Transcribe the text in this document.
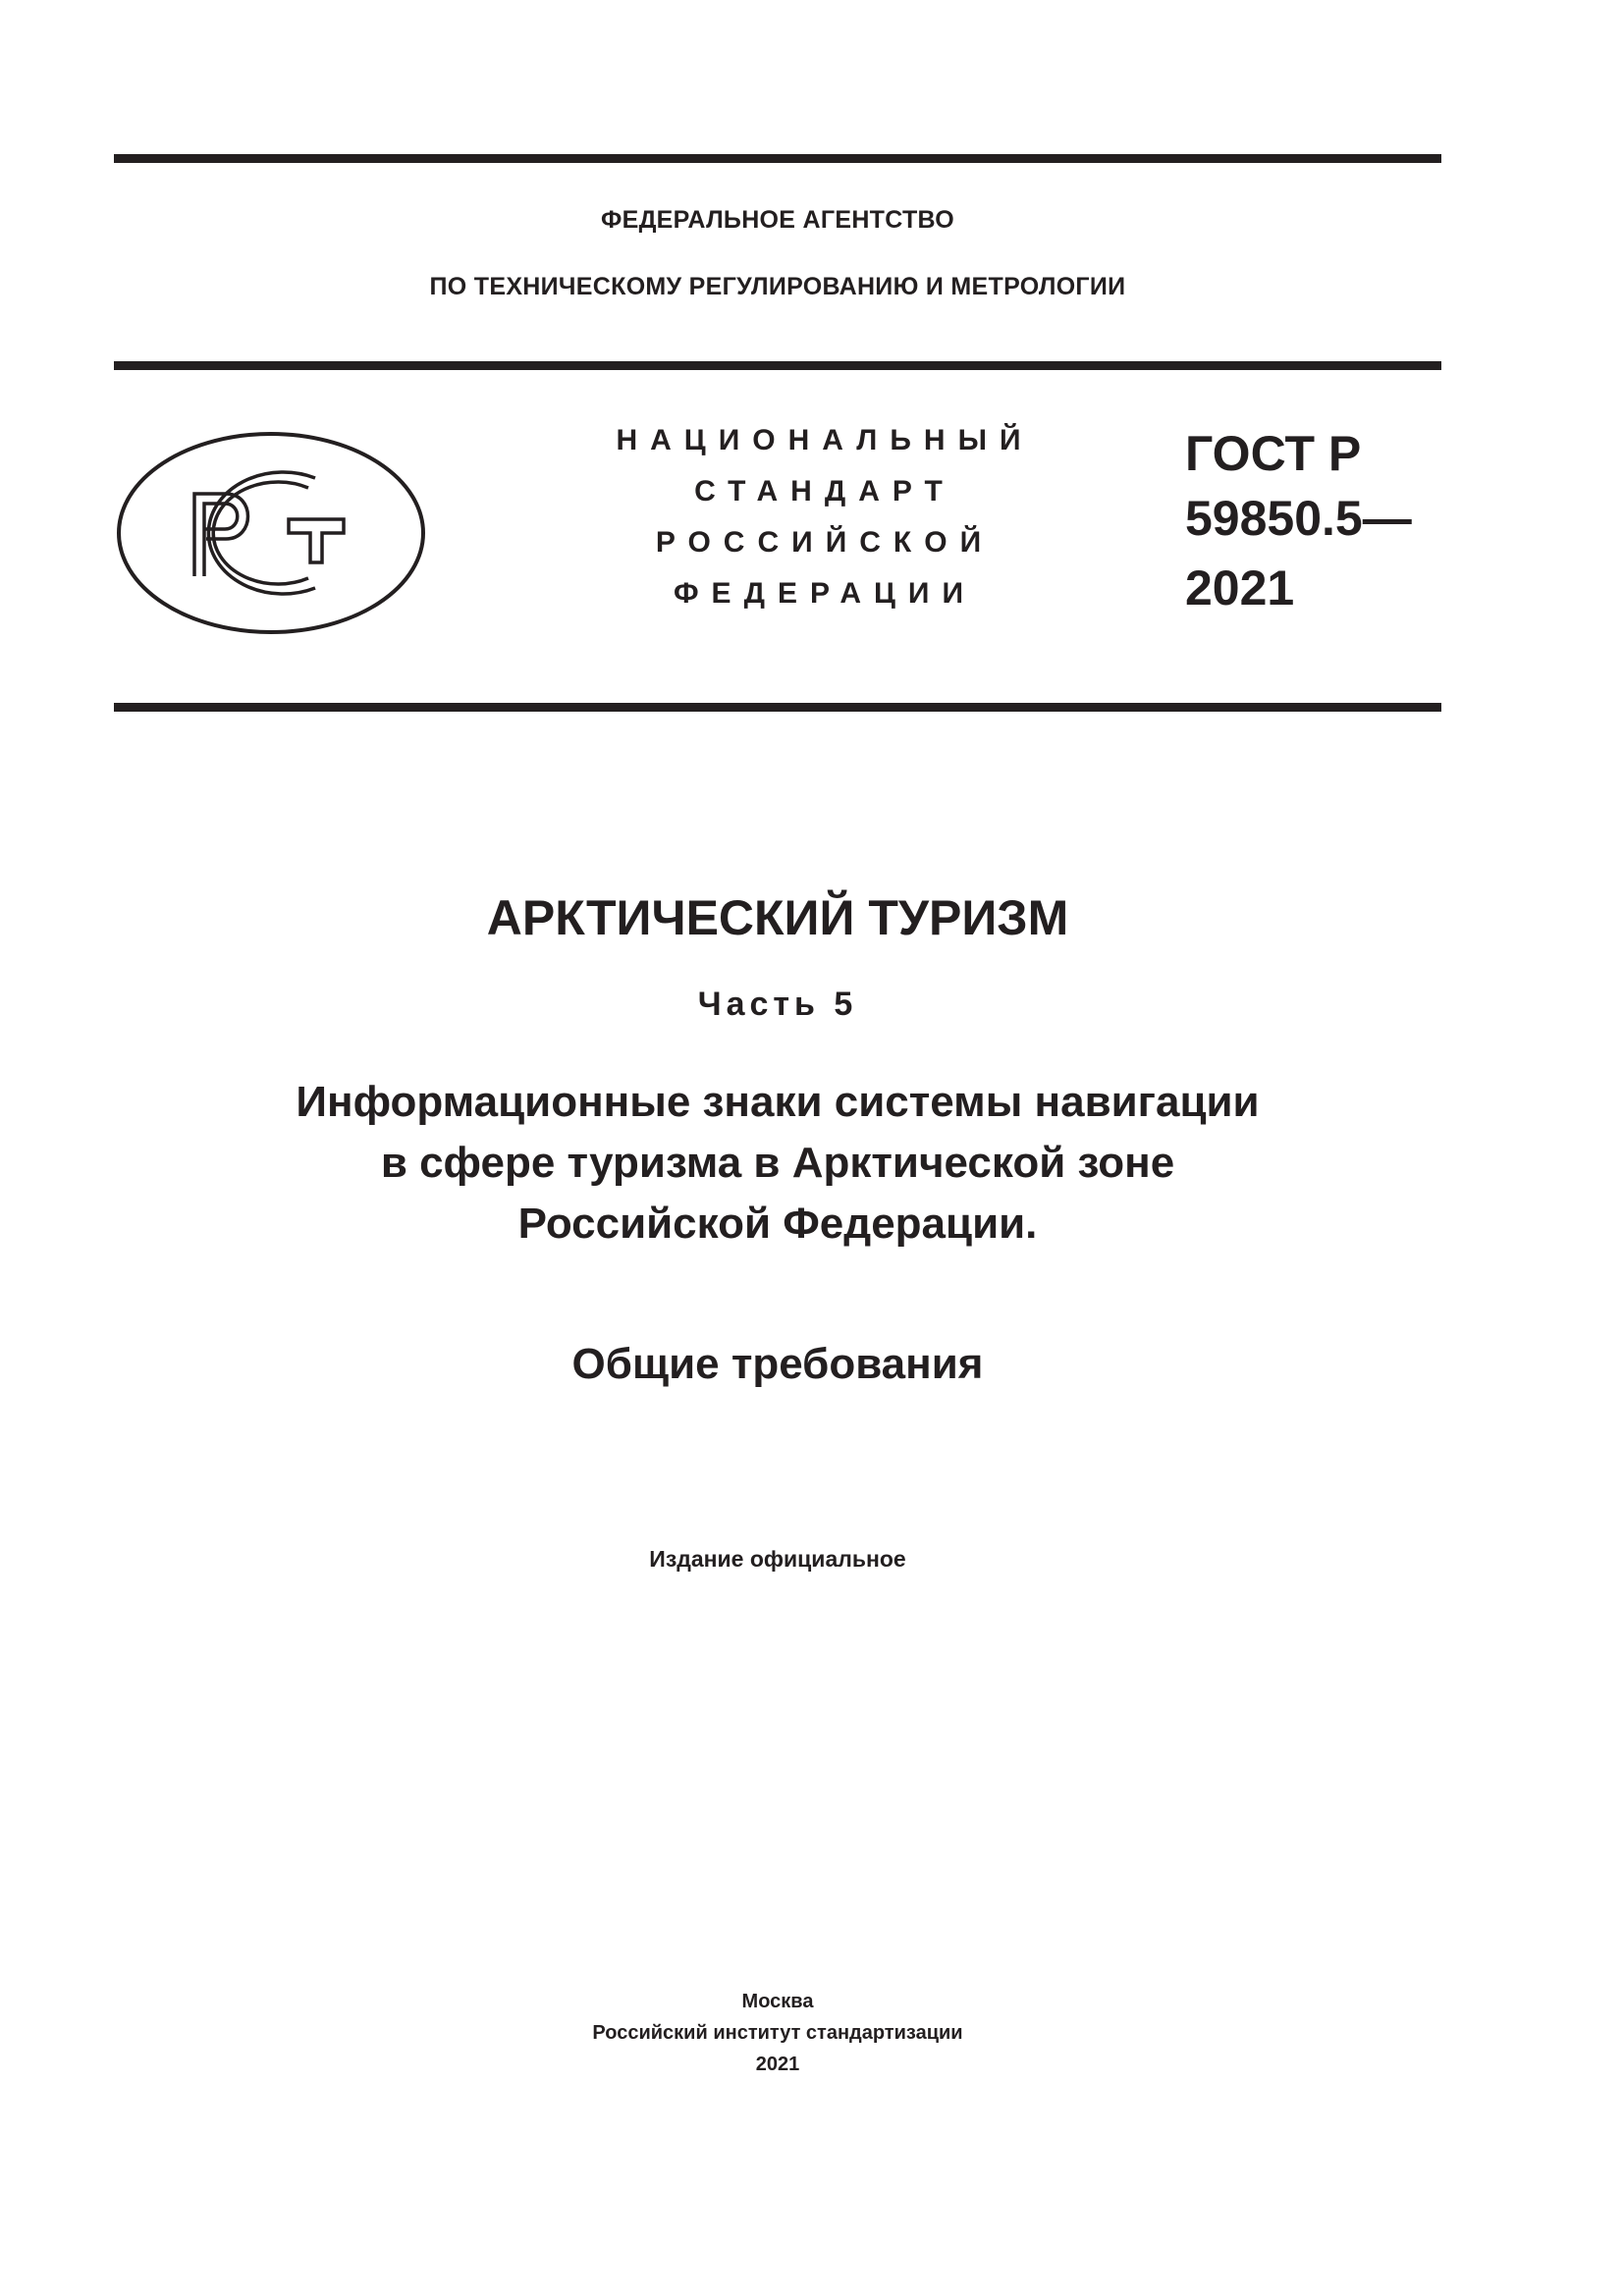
ФЕДЕРАЛЬНОЕ АГЕНТСТВО
ПО ТЕХНИЧЕСКОМУ РЕГУЛИРОВАНИЮ И МЕТРОЛОГИИ
НАЦИОНАЛЬНЫЙ
СТАНДАРТ
РОССИЙСКОЙ
ФЕДЕРАЦИИ
ГОСТ Р
59850.5—
2021
АРКТИЧЕСКИЙ ТУРИЗМ
Часть 5
Информационные знаки системы навигации
в сфере туризма в Арктической зоне
Российской Федерации.
Общие требования
Издание официальное
Москва
Российский институт стандартизации
2021
